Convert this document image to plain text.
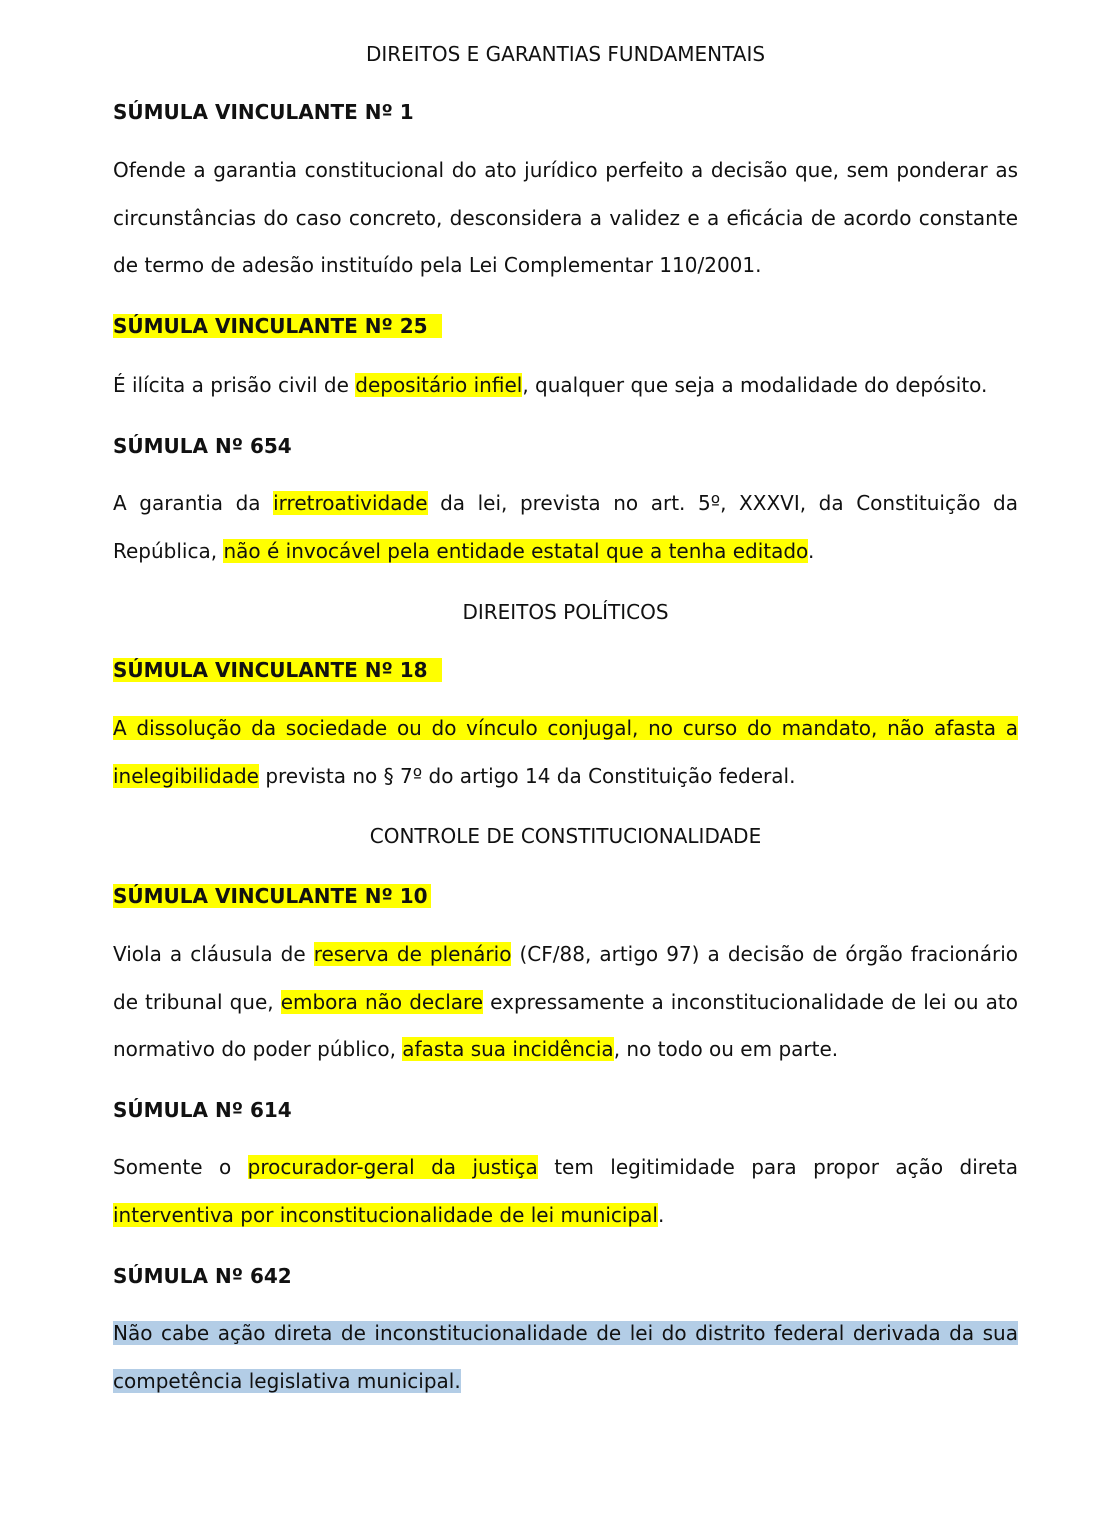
DIREITOS E GARANTIAS FUNDAMENTAIS

SÚMULA VINCULANTE Nº 1

Ofende a garantia constitucional do ato jurídico perfeito a decisão que, sem ponderar as circunstâncias do caso concreto, desconsidera a validez e a eficácia de acordo constante de termo de adesão instituído pela Lei Complementar 110/2001.

SÚMULA VINCULANTE Nº 25

É ilícita a prisão civil de depositário infiel, qualquer que seja a modalidade do depósito.

SÚMULA Nº 654

A garantia da irretroatividade da lei, prevista no art. 5º, XXXVI, da Constituição da República, não é invocável pela entidade estatal que a tenha editado.

DIREITOS POLÍTICOS

SÚMULA VINCULANTE Nº 18

A dissolução da sociedade ou do vínculo conjugal, no curso do mandato, não afasta a inelegibilidade prevista no § 7º do artigo 14 da Constituição federal.

CONTROLE DE CONSTITUCIONALIDADE

SÚMULA VINCULANTE Nº 10

Viola a cláusula de reserva de plenário (CF/88, artigo 97) a decisão de órgão fracionário de tribunal que, embora não declare expressamente a inconstitucionalidade de lei ou ato normativo do poder público, afasta sua incidência, no todo ou em parte.

SÚMULA Nº 614

Somente o procurador-geral da justiça tem legitimidade para propor ação direta interventiva por inconstitucionalidade de lei municipal.

SÚMULA Nº 642

Não cabe ação direta de inconstitucionalidade de lei do distrito federal derivada da sua competência legislativa municipal.
